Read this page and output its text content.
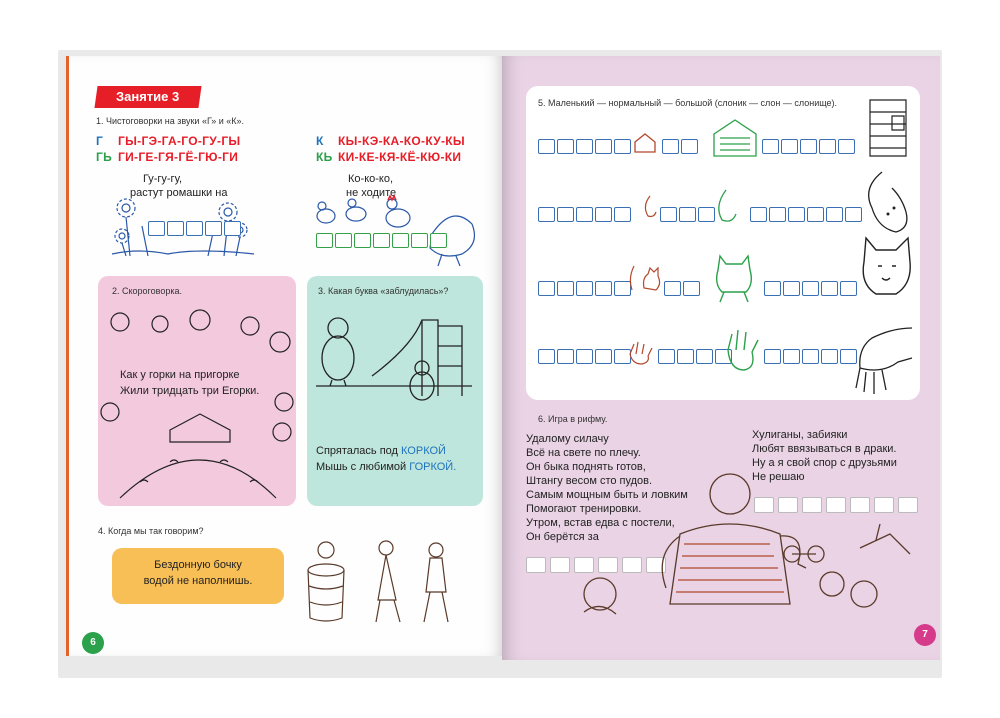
Занятие 3
1. Чистоговорки на звуки «Г» и «К».
Г ГЫ-ГЭ-ГА-ГО-ГУ-ГЫ
ГЬ ГИ-ГЕ-ГЯ-ГЁ-ГЮ-ГИ
Гу-гу-гу,
растут ромашки на
К КЫ-КЭ-КА-КО-КУ-КЫ
КЬ КИ-КЕ-КЯ-КЁ-КЮ-КИ
Ко-ко-ко,
не ходите
2. Скороговорка.
Как у горки на пригорке
Жили тридцать три Егорки.
3. Какая буква «заблудилась»?
Спряталась под КОРКОЙ
Мышь с любимой ГОРКОЙ.
4. Когда мы так говорим?
Бездонную бочку
водой не наполнишь.
6
5. Маленький — нормальный — большой (слоник — слон — слонище).
6. Игра в рифму.
Удалому силачу
Всё на свете по плечу.
Он быка поднять готов,
Штангу весом сто пудов.
Самым мощным быть и ловким
Помогают тренировки.
Утром, встав едва с постели,
Он берётся за
Хулиганы, забияки
Любят ввязываться в драки.
Ну а я свой спор с друзьями
Не решаю
7
